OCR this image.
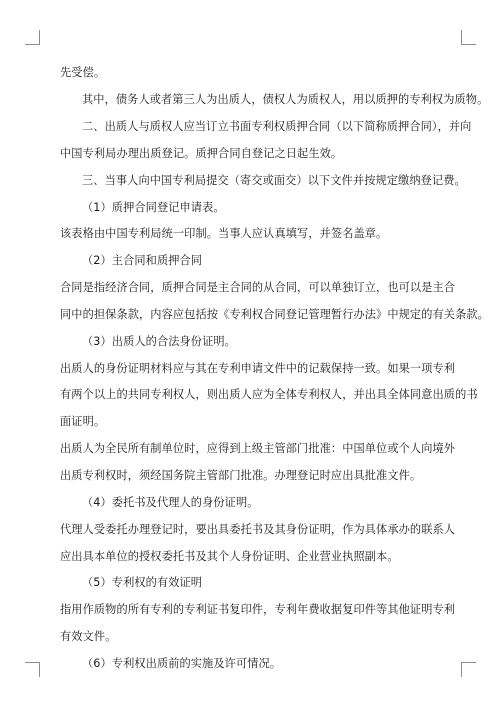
先受偿。
其中，债务人或者第三人为出质人，债权人为质权人，用以质押的专利权为质物。
二、出质人与质权人应当订立书面专利权质押合同（以下简称质押合同），并向
中国专利局办理出质登记。质押合同自登记之日起生效。
三、当事人向中国专利局提交（寄交或面交）以下文件并按规定缴纳登记费。
（1）质押合同登记申请表。
该表格由中国专利局统一印制。当事人应认真填写，并签名盖章。
（2）主合同和质押合同
合同是指经济合同，质押合同是主合同的从合同，可以单独订立，也可以是主合
同中的担保条款，内容应包括按《专利权合同登记管理暂行办法》中规定的有关条款。
（3）出质人的合法身份证明。
出质人的身份证明材料应与其在专利申请文件中的记载保持一致。如果一项专利
有两个以上的共同专利权人，则出质人应为全体专利权人，并出具全体同意出质的书
面证明。
出质人为全民所有制单位时，应得到上级主管部门批准：中国单位或个人向境外
出质专利权时，须经国务院主管部门批准。办理登记时应出具批准文件。
（4）委托书及代理人的身份证明。
代理人受委托办理登记时，要出具委托书及其身份证明，作为具体承办的联系人
应出具本单位的授权委托书及其个人身份证明、企业营业执照副本。
（5）专利权的有效证明
指用作质物的所有专利的专利证书复印件，专利年费收据复印件等其他证明专利
有效文件。
（6）专利权出质前的实施及许可情况。
